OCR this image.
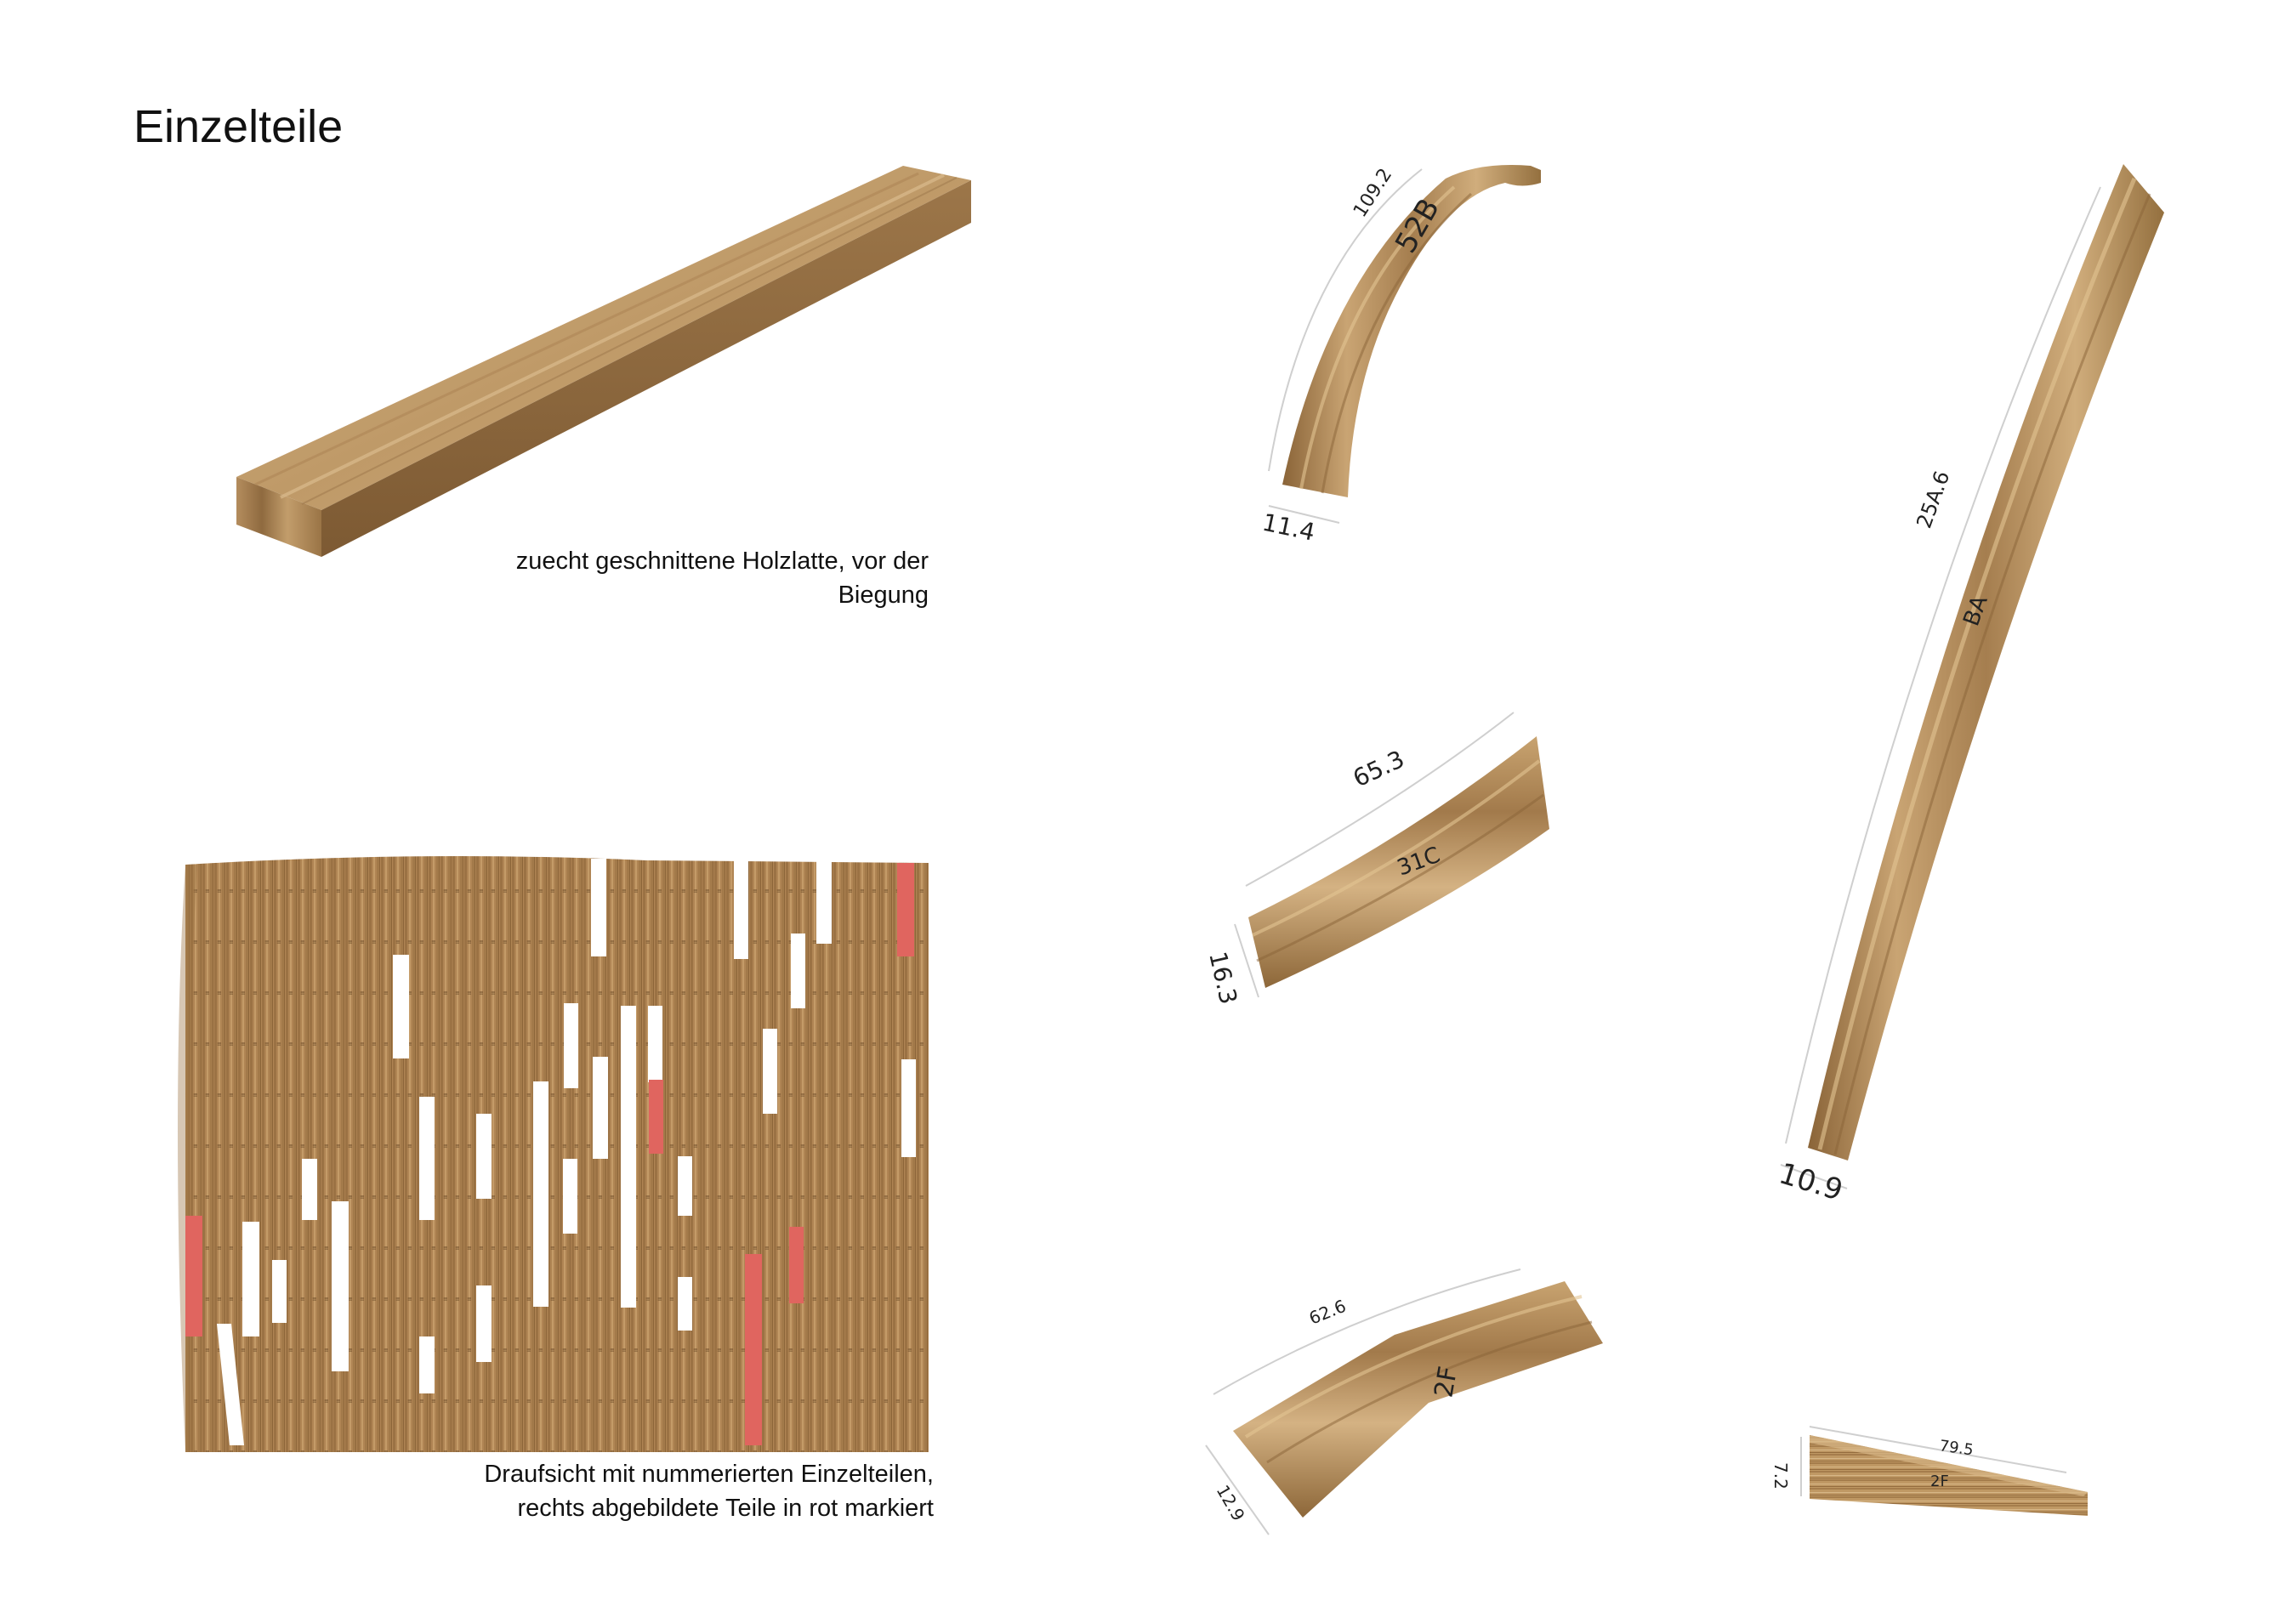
Einzelteile
zuecht geschnittene Holzlatte, vor der
Biegung
Draufsicht mit nummerierten Einzelteilen,
rechts abgebildete Teile in rot markiert
109.2
11.4
52B
65.3
16.3
31C
25A.6
BA
10.9
62.6
12.9
2F
79.5
7.2	2F
